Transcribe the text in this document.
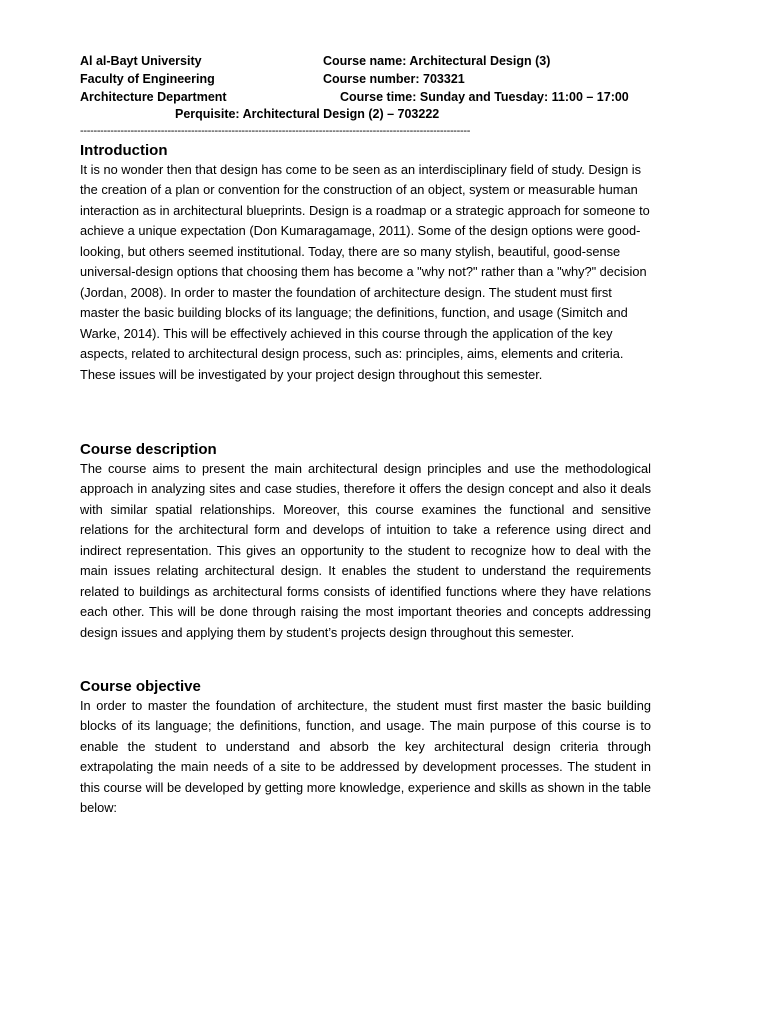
Al al-Bayt University	Course name: Architectural Design (3)
Faculty of Engineering	Course number: 703321
Architecture Department	Course time: Sunday and Tuesday: 11:00 – 17:00
Perquisite: Architectural Design (2) – 703222
--------------------------------------------------------------------------------------------------------------------
Introduction

It is no wonder then that design has come to be seen as an interdisciplinary field of study. Design is the creation of a plan or convention for the construction of an object, system or measurable human interaction as in architectural blueprints. Design is a roadmap or a strategic approach for someone to achieve a unique expectation (Don Kumaragamage, 2011). Some of the design options were good-looking, but others seemed institutional. Today, there are so many stylish, beautiful, good-sense universal-design options that choosing them has become a "why not?" rather than a "why?" decision (Jordan, 2008). In order to master the foundation of architecture design. The student must first master the basic building blocks of its language; the definitions, function, and usage (Simitch and Warke, 2014). This will be effectively achieved in this course through the application of the key aspects, related to architectural design process, such as: principles, aims, elements and criteria. These issues will be investigated by your project design throughout this semester.

Course description

The course aims to present the main architectural design principles and use the methodological approach in analyzing sites and case studies, therefore it offers the design concept and also it deals with similar spatial relationships. Moreover, this course examines the functional and sensitive relations for the architectural form and develops of intuition to take a reference using direct and indirect representation. This gives an opportunity to the student to recognize how to deal with the main issues relating architectural design. It enables the student to understand the requirements related to buildings as architectural forms consists of identified functions where they have relations each other. This will be done through raising the most important theories and concepts addressing design issues and applying them by student’s projects design throughout this semester.

Course objective

In order to master the foundation of architecture, the student must first master the basic building blocks of its language; the definitions, function, and usage. The main purpose of this course is to enable the student to understand and absorb the key architectural design criteria through extrapolating the main needs of a site to be addressed by development processes. The student in this course will be developed by getting more knowledge, experience and skills as shown in the table below:
